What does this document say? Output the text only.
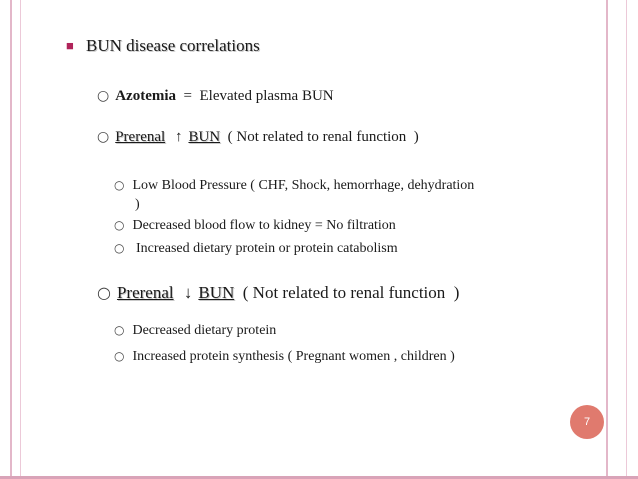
■ BUN disease correlations
○ Azotemia  =  Elevated plasma BUN
○ Prerenal ↑ BUN  ( Not related to renal function  )
○ Low Blood Pressure ( CHF, Shock, hemorrhage, dehydration
)
○ Decreased blood flow to kidney = No filtration
○ Increased dietary protein or protein catabolism
○ Prerenal ↓ BUN  ( Not related to renal function  )
○ Decreased dietary protein
○ Increased protein synthesis ( Pregnant women , children )
7
